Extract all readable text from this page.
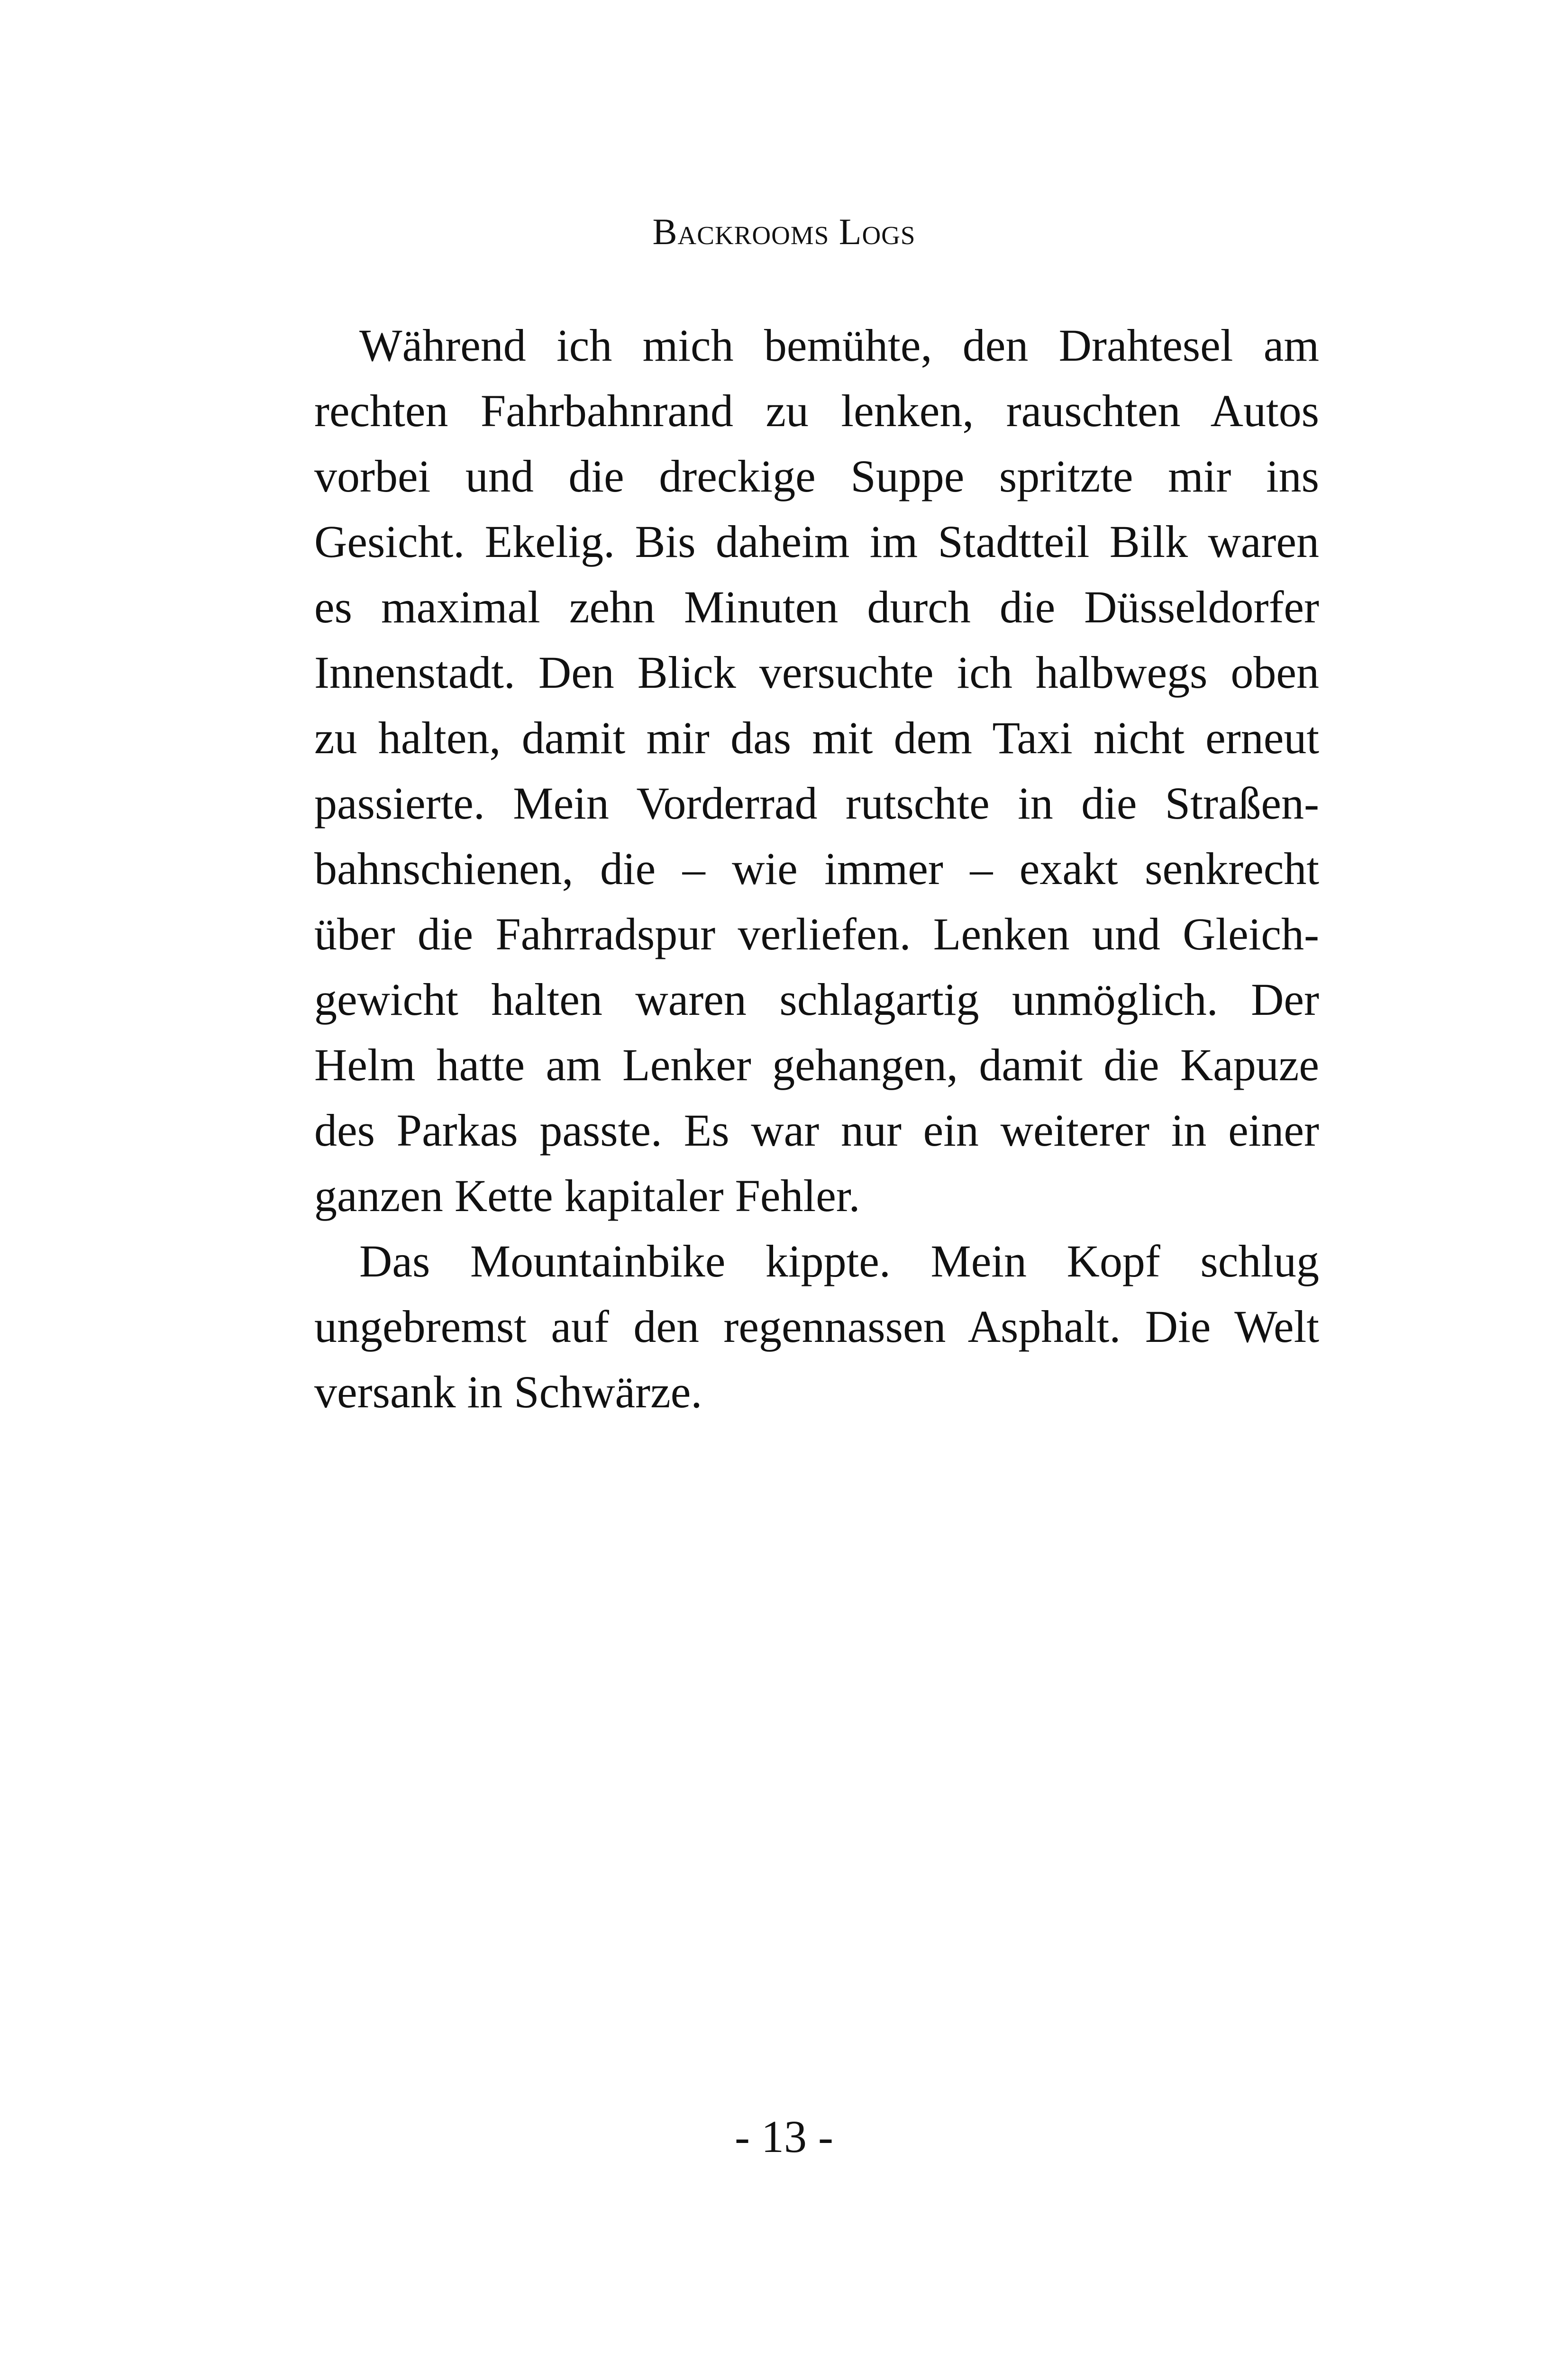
Backrooms Logs
Während ich mich bemühte, den Drahtesel am
rechten Fahrbahnrand zu lenken, rauschten Autos
vorbei und die dreckige Suppe spritzte mir ins
Gesicht. Ekelig. Bis daheim im Stadtteil Bilk waren
es maximal zehn Minuten durch die Düsseldorfer
Innenstadt. Den Blick versuchte ich halbwegs oben
zu halten, damit mir das mit dem Taxi nicht erneut
passierte. Mein Vorderrad rutschte in die Straßen-
bahnschienen, die – wie immer – exakt senkrecht
über die Fahrradspur verliefen. Lenken und Gleich-
gewicht halten waren schlagartig unmöglich. Der
Helm hatte am Lenker gehangen, damit die Kapuze
des Parkas passte. Es war nur ein weiterer in einer
ganzen Kette kapitaler Fehler.
Das Mountainbike kippte. Mein Kopf schlug
ungebremst auf den regennassen Asphalt. Die Welt
versank in Schwärze.
- 13 -
